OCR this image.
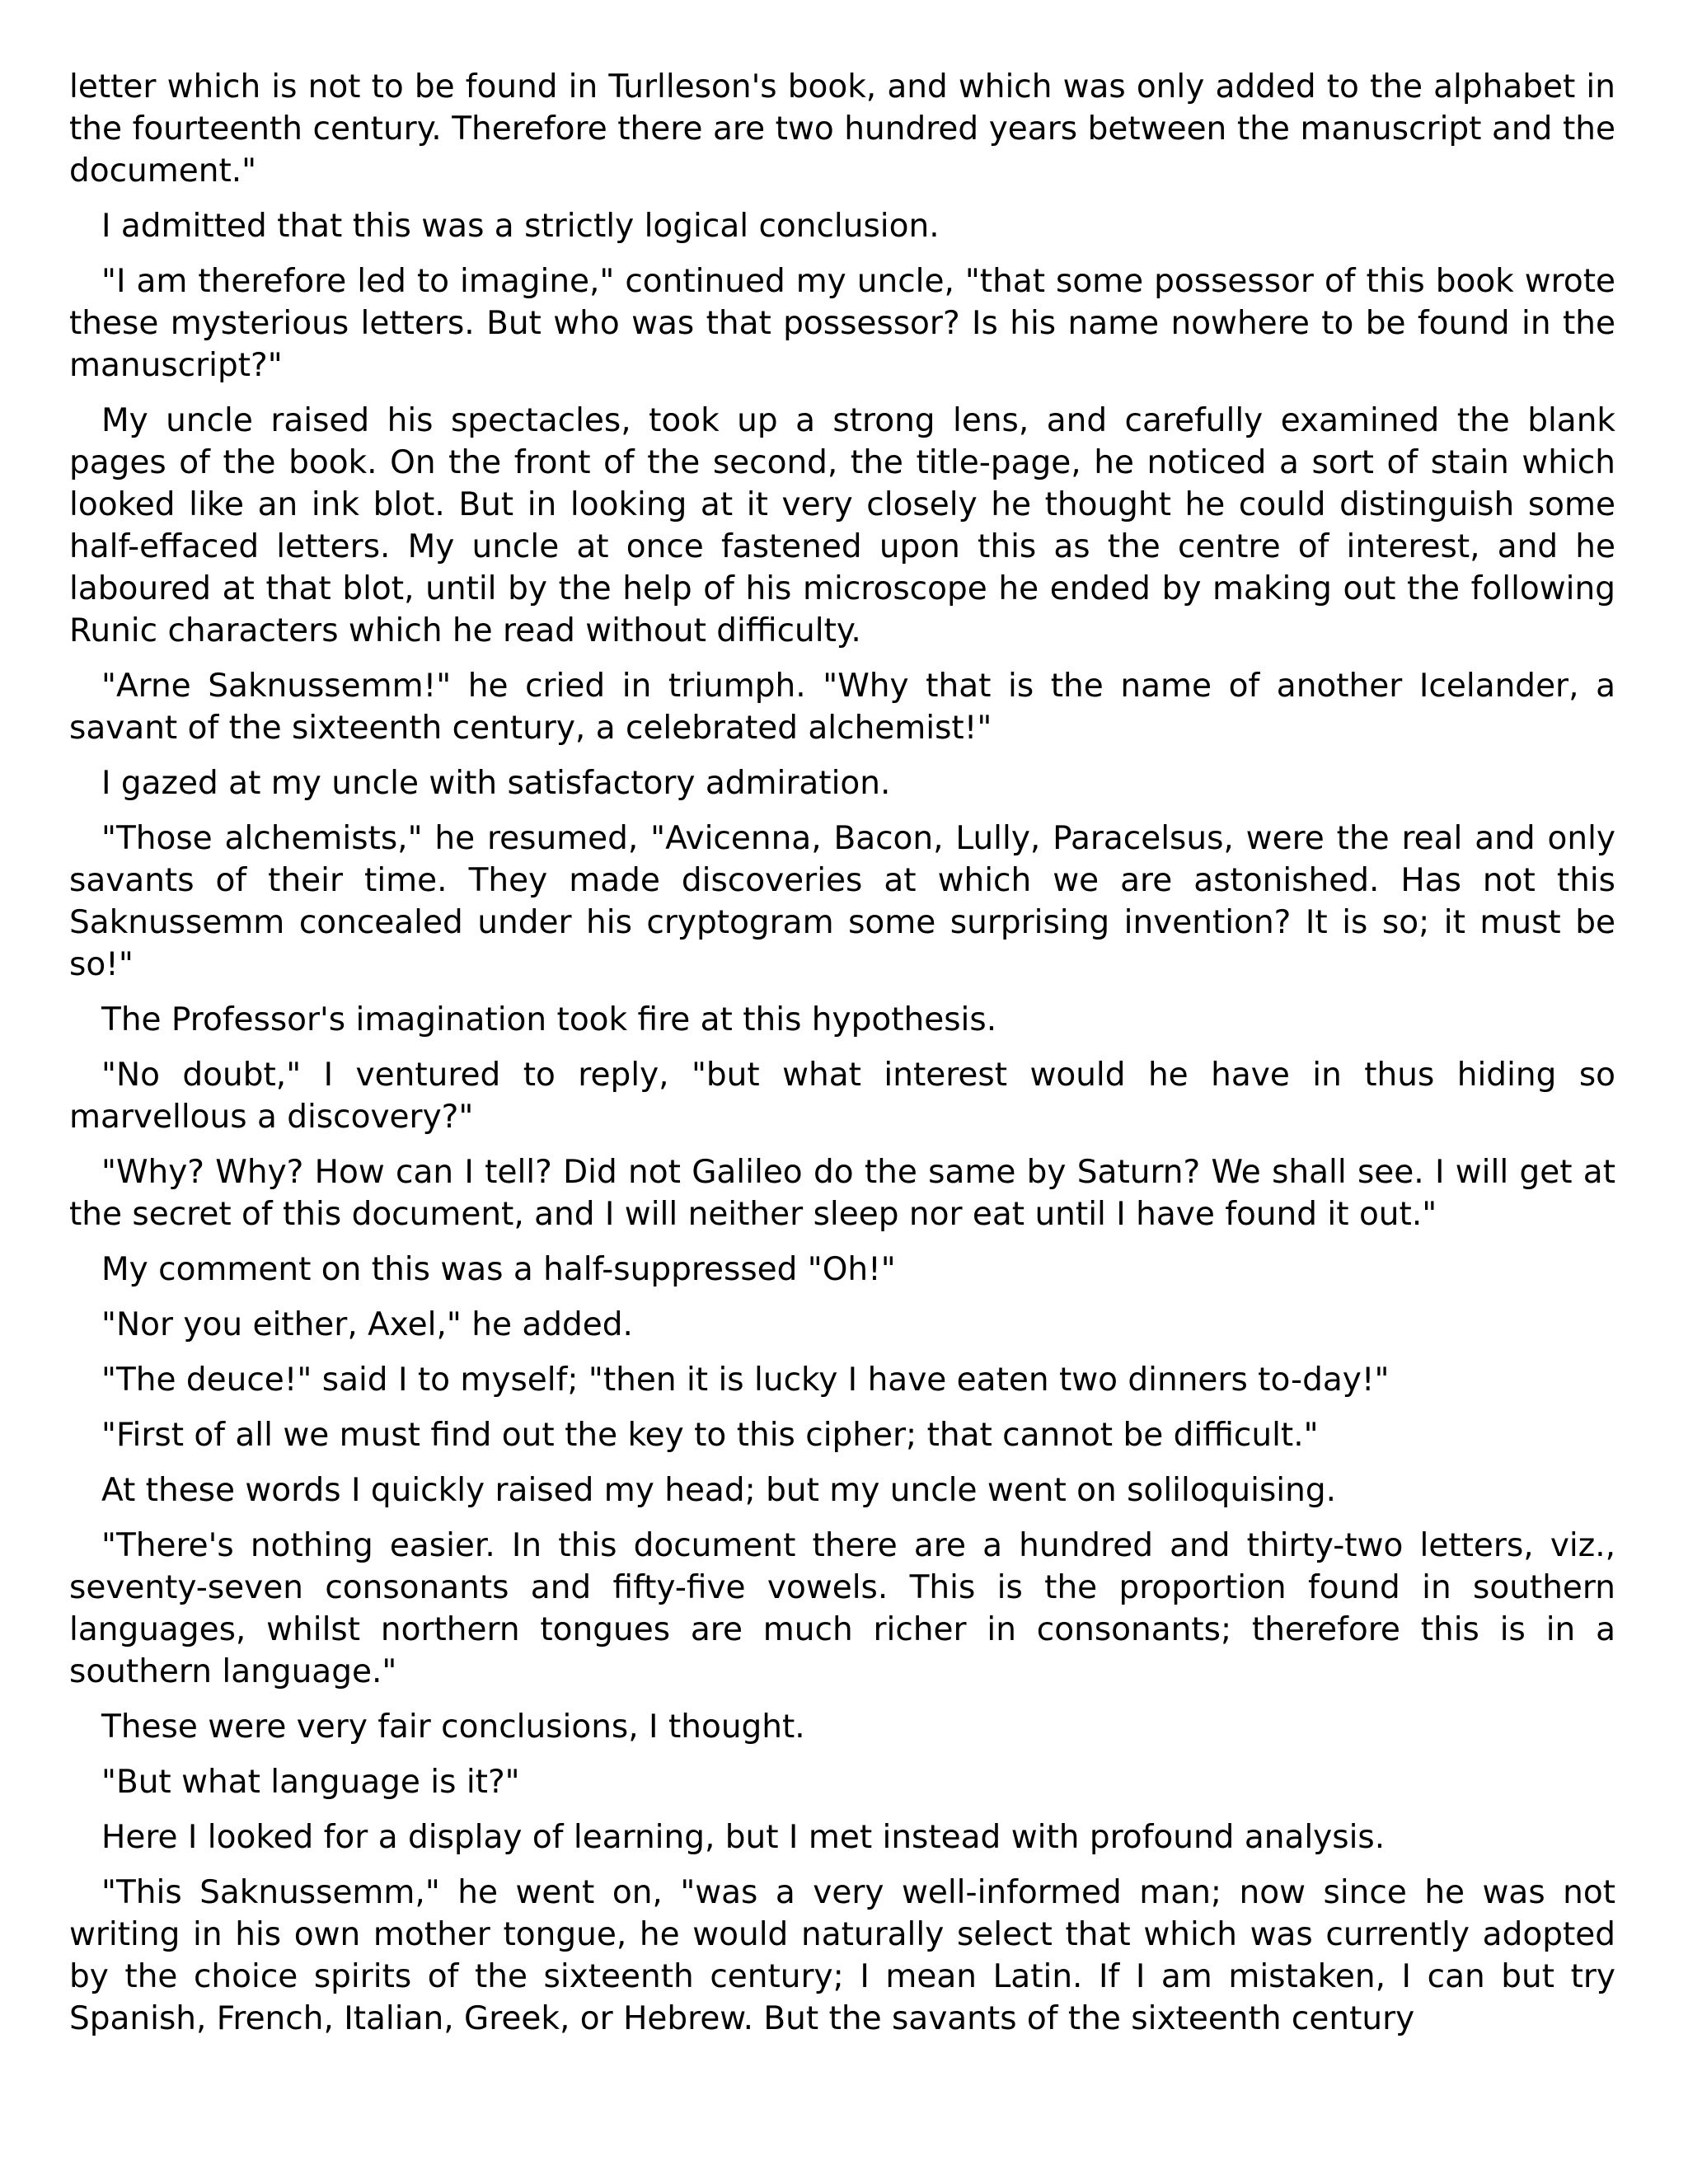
letter which is not to be found in Turlleson's book, and which was only added to the alphabet in the fourteenth century. Therefore there are two hundred years between the manuscript and the document."

I admitted that this was a strictly logical conclusion.

"I am therefore led to imagine," continued my uncle, "that some possessor of this book wrote these mysterious letters. But who was that possessor? Is his name nowhere to be found in the manuscript?"

My uncle raised his spectacles, took up a strong lens, and carefully examined the blank pages of the book. On the front of the second, the title-page, he noticed a sort of stain which looked like an ink blot. But in looking at it very closely he thought he could distinguish some half-effaced letters. My uncle at once fastened upon this as the centre of interest, and he laboured at that blot, until by the help of his microscope he ended by making out the following Runic characters which he read without difficulty.

"Arne Saknussemm!" he cried in triumph. "Why that is the name of another Icelander, a savant of the sixteenth century, a celebrated alchemist!"

I gazed at my uncle with satisfactory admiration.

"Those alchemists," he resumed, "Avicenna, Bacon, Lully, Paracelsus, were the real and only savants of their time. They made discoveries at which we are astonished. Has not this Saknussemm concealed under his cryptogram some surprising invention? It is so; it must be so!"

The Professor's imagination took fire at this hypothesis.

"No doubt," I ventured to reply, "but what interest would he have in thus hiding so marvellous a discovery?"

"Why? Why? How can I tell? Did not Galileo do the same by Saturn? We shall see. I will get at the secret of this document, and I will neither sleep nor eat until I have found it out."

My comment on this was a half-suppressed "Oh!"

"Nor you either, Axel," he added.

"The deuce!" said I to myself; "then it is lucky I have eaten two dinners to-day!"

"First of all we must find out the key to this cipher; that cannot be difficult."

At these words I quickly raised my head; but my uncle went on soliloquising.

"There's nothing easier. In this document there are a hundred and thirty-two letters, viz., seventy-seven consonants and fifty-five vowels. This is the proportion found in southern languages, whilst northern tongues are much richer in consonants; therefore this is in a southern language."

These were very fair conclusions, I thought.

"But what language is it?"

Here I looked for a display of learning, but I met instead with profound analysis.

"This Saknussemm," he went on, "was a very well-informed man; now since he was not writing in his own mother tongue, he would naturally select that which was currently adopted by the choice spirits of the sixteenth century; I mean Latin. If I am mistaken, I can but try Spanish, French, Italian, Greek, or Hebrew. But the savants of the sixteenth century
